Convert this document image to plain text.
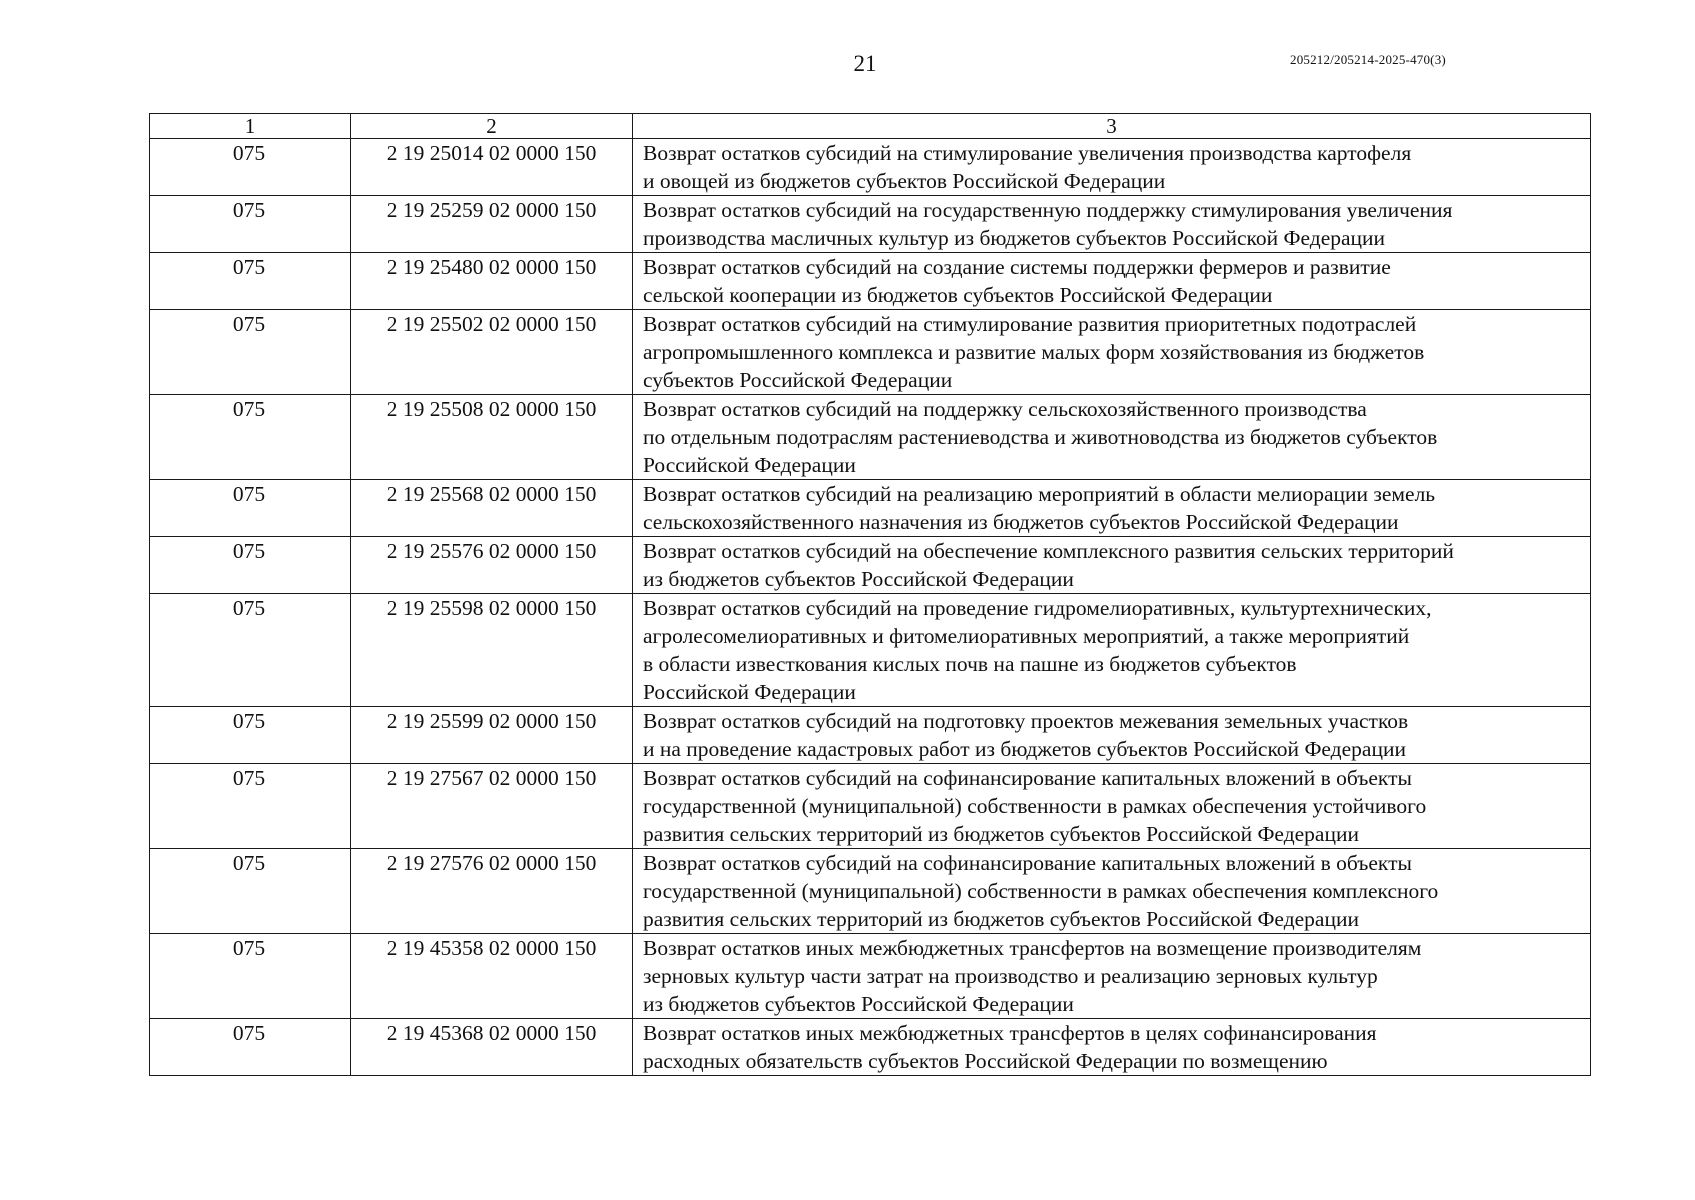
21	205212/205214-2025-470(3)
1	2	3
075	2 19 25014 02 0000 150	Возврат остатков субсидий на стимулирование увеличения производства картофеля
и овощей из бюджетов субъектов Российской Федерации

075	2 19 25259 02 0000 150	Возврат остатков субсидий на государственную поддержку стимулирования увеличения
производства масличных культур из бюджетов субъектов Российской Федерации

075	2 19 25480 02 0000 150	Возврат остатков субсидий на создание системы поддержки фермеров и развитие
сельской кооперации из бюджетов субъектов Российской Федерации

075	2 19 25502 02 0000 150	Возврат остатков субсидий на стимулирование развития приоритетных подотраслей
агропромышленного комплекса и развитие малых форм хозяйствования из бюджетов
субъектов Российской Федерации

075	2 19 25508 02 0000 150	Возврат остатков субсидий на поддержку сельскохозяйственного производства
по отдельным подотраслям растениеводства и животноводства из бюджетов субъектов
Российской Федерации

075	2 19 25568 02 0000 150	Возврат остатков субсидий на реализацию мероприятий в области мелиорации земель
сельскохозяйственного назначения из бюджетов субъектов Российской Федерации

075	2 19 25576 02 0000 150	Возврат остатков субсидий на обеспечение комплексного развития сельских территорий
из бюджетов субъектов Российской Федерации

075	2 19 25598 02 0000 150	Возврат остатков субсидий на проведение гидромелиоративных, культуртехнических,
агролесомелиоративных и фитомелиоративных мероприятий, а также мероприятий
в области известкования кислых почв на пашне из бюджетов субъектов
Российской Федерации

075	2 19 25599 02 0000 150	Возврат остатков субсидий на подготовку проектов межевания земельных участков
и на проведение кадастровых работ из бюджетов субъектов Российской Федерации

075	2 19 27567 02 0000 150	Возврат остатков субсидий на софинансирование капитальных вложений в объекты
государственной (муниципальной) собственности в рамках обеспечения устойчивого
развития сельских территорий из бюджетов субъектов Российской Федерации

075	2 19 27576 02 0000 150	Возврат остатков субсидий на софинансирование капитальных вложений в объекты
государственной (муниципальной) собственности в рамках обеспечения комплексного
развития сельских территорий из бюджетов субъектов Российской Федерации

075	2 19 45358 02 0000 150	Возврат остатков иных межбюджетных трансфертов на возмещение производителям
зерновых культур части затрат на производство и реализацию зерновых культур
из бюджетов субъектов Российской Федерации

075	2 19 45368 02 0000 150	Возврат остатков иных межбюджетных трансфертов в целях софинансирования
расходных обязательств субъектов Российской Федерации по возмещению
